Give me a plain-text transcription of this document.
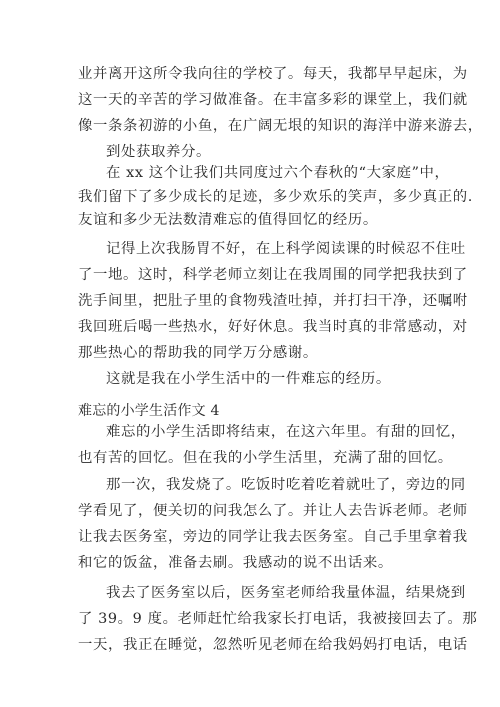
业并离开这所令我向往的学校了。每天，我都早早起床，为
这一天的辛苦的学习做准备。在丰富多彩的课堂上，我们就
像一条条初游的小鱼，在广阔无垠的知识的海洋中游来游去，
到处获取养分。
在 xx 这个让我们共同度过六个春秋的“大家庭”中，
我们留下了多少成长的足迹，多少欢乐的笑声，多少真正的.
友谊和多少无法数清难忘的值得回忆的经历。
记得上次我肠胃不好，在上科学阅读课的时候忍不住吐
了一地。这时，科学老师立刻让在我周围的同学把我扶到了
洗手间里，把肚子里的食物残渣吐掉，并打扫干净，还嘱咐
我回班后喝一些热水，好好休息。我当时真的非常感动，对
那些热心的帮助我的同学万分感谢。
这就是我在小学生活中的一件难忘的经历。
难忘的小学生活作文 4
难忘的小学生活即将结束，在这六年里。有甜的回忆，
也有苦的回忆。但在我的小学生活里，充满了甜的回忆。
那一次，我发烧了。吃饭时吃着吃着就吐了，旁边的同
学看见了，便关切的问我怎么了。并让人去告诉老师。老师
让我去医务室，旁边的同学让我去医务室。自己手里拿着我
和它的饭盆，准备去刷。我感动的说不出话来。
我去了医务室以后，医务室老师给我量体温，结果烧到
了 39。9 度。老师赶忙给我家长打电话，我被接回去了。那
一天，我正在睡觉，忽然听见老师在给我妈妈打电话，电话
